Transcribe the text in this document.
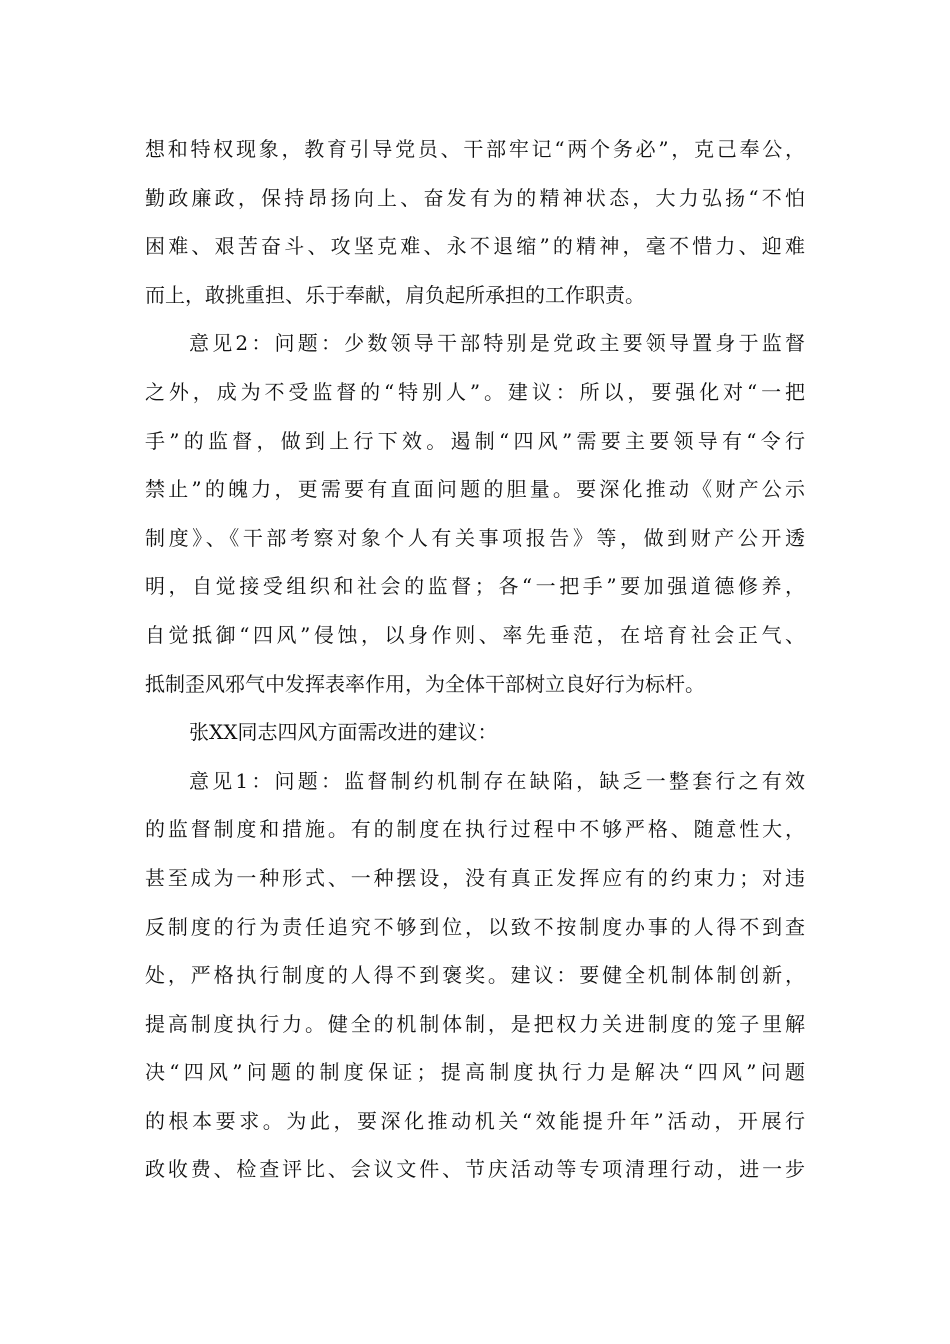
想和特权现象，教育引导党员、干部牢记“两个务必”，克己奉公，
勤政廉政，保持昂扬向上、奋发有为的精神状态，大力弘扬“不怕
困难、艰苦奋斗、攻坚克难、永不退缩”的精神，毫不惜力、迎难
而上，敢挑重担、乐于奉献，肩负起所承担的工作职责。
意见2：问题：少数领导干部特别是党政主要领导置身于监督
之外，成为不受监督的“特别人”。建议：所以，要强化对“一把
手”的监督，做到上行下效。遏制“四风”需要主要领导有“令行
禁止”的魄力，更需要有直面问题的胆量。要深化推动《财产公示
制度》、《干部考察对象个人有关事项报告》等，做到财产公开透
明，自觉接受组织和社会的监督；各“一把手”要加强道德修养，
自觉抵御“四风”侵蚀，以身作则、率先垂范，在培育社会正气、
抵制歪风邪气中发挥表率作用，为全体干部树立良好行为标杆。
张XX同志四风方面需改进的建议：
意见1：问题：监督制约机制存在缺陷，缺乏一整套行之有效
的监督制度和措施。有的制度在执行过程中不够严格、随意性大，
甚至成为一种形式、一种摆设，没有真正发挥应有的约束力；对违
反制度的行为责任追究不够到位，以致不按制度办事的人得不到查
处，严格执行制度的人得不到褒奖。建议：要健全机制体制创新，
提高制度执行力。健全的机制体制，是把权力关进制度的笼子里解
决“四风”问题的制度保证；提高制度执行力是解决“四风”问题
的根本要求。为此，要深化推动机关“效能提升年”活动，开展行
政收费、检查评比、会议文件、节庆活动等专项清理行动，进一步
